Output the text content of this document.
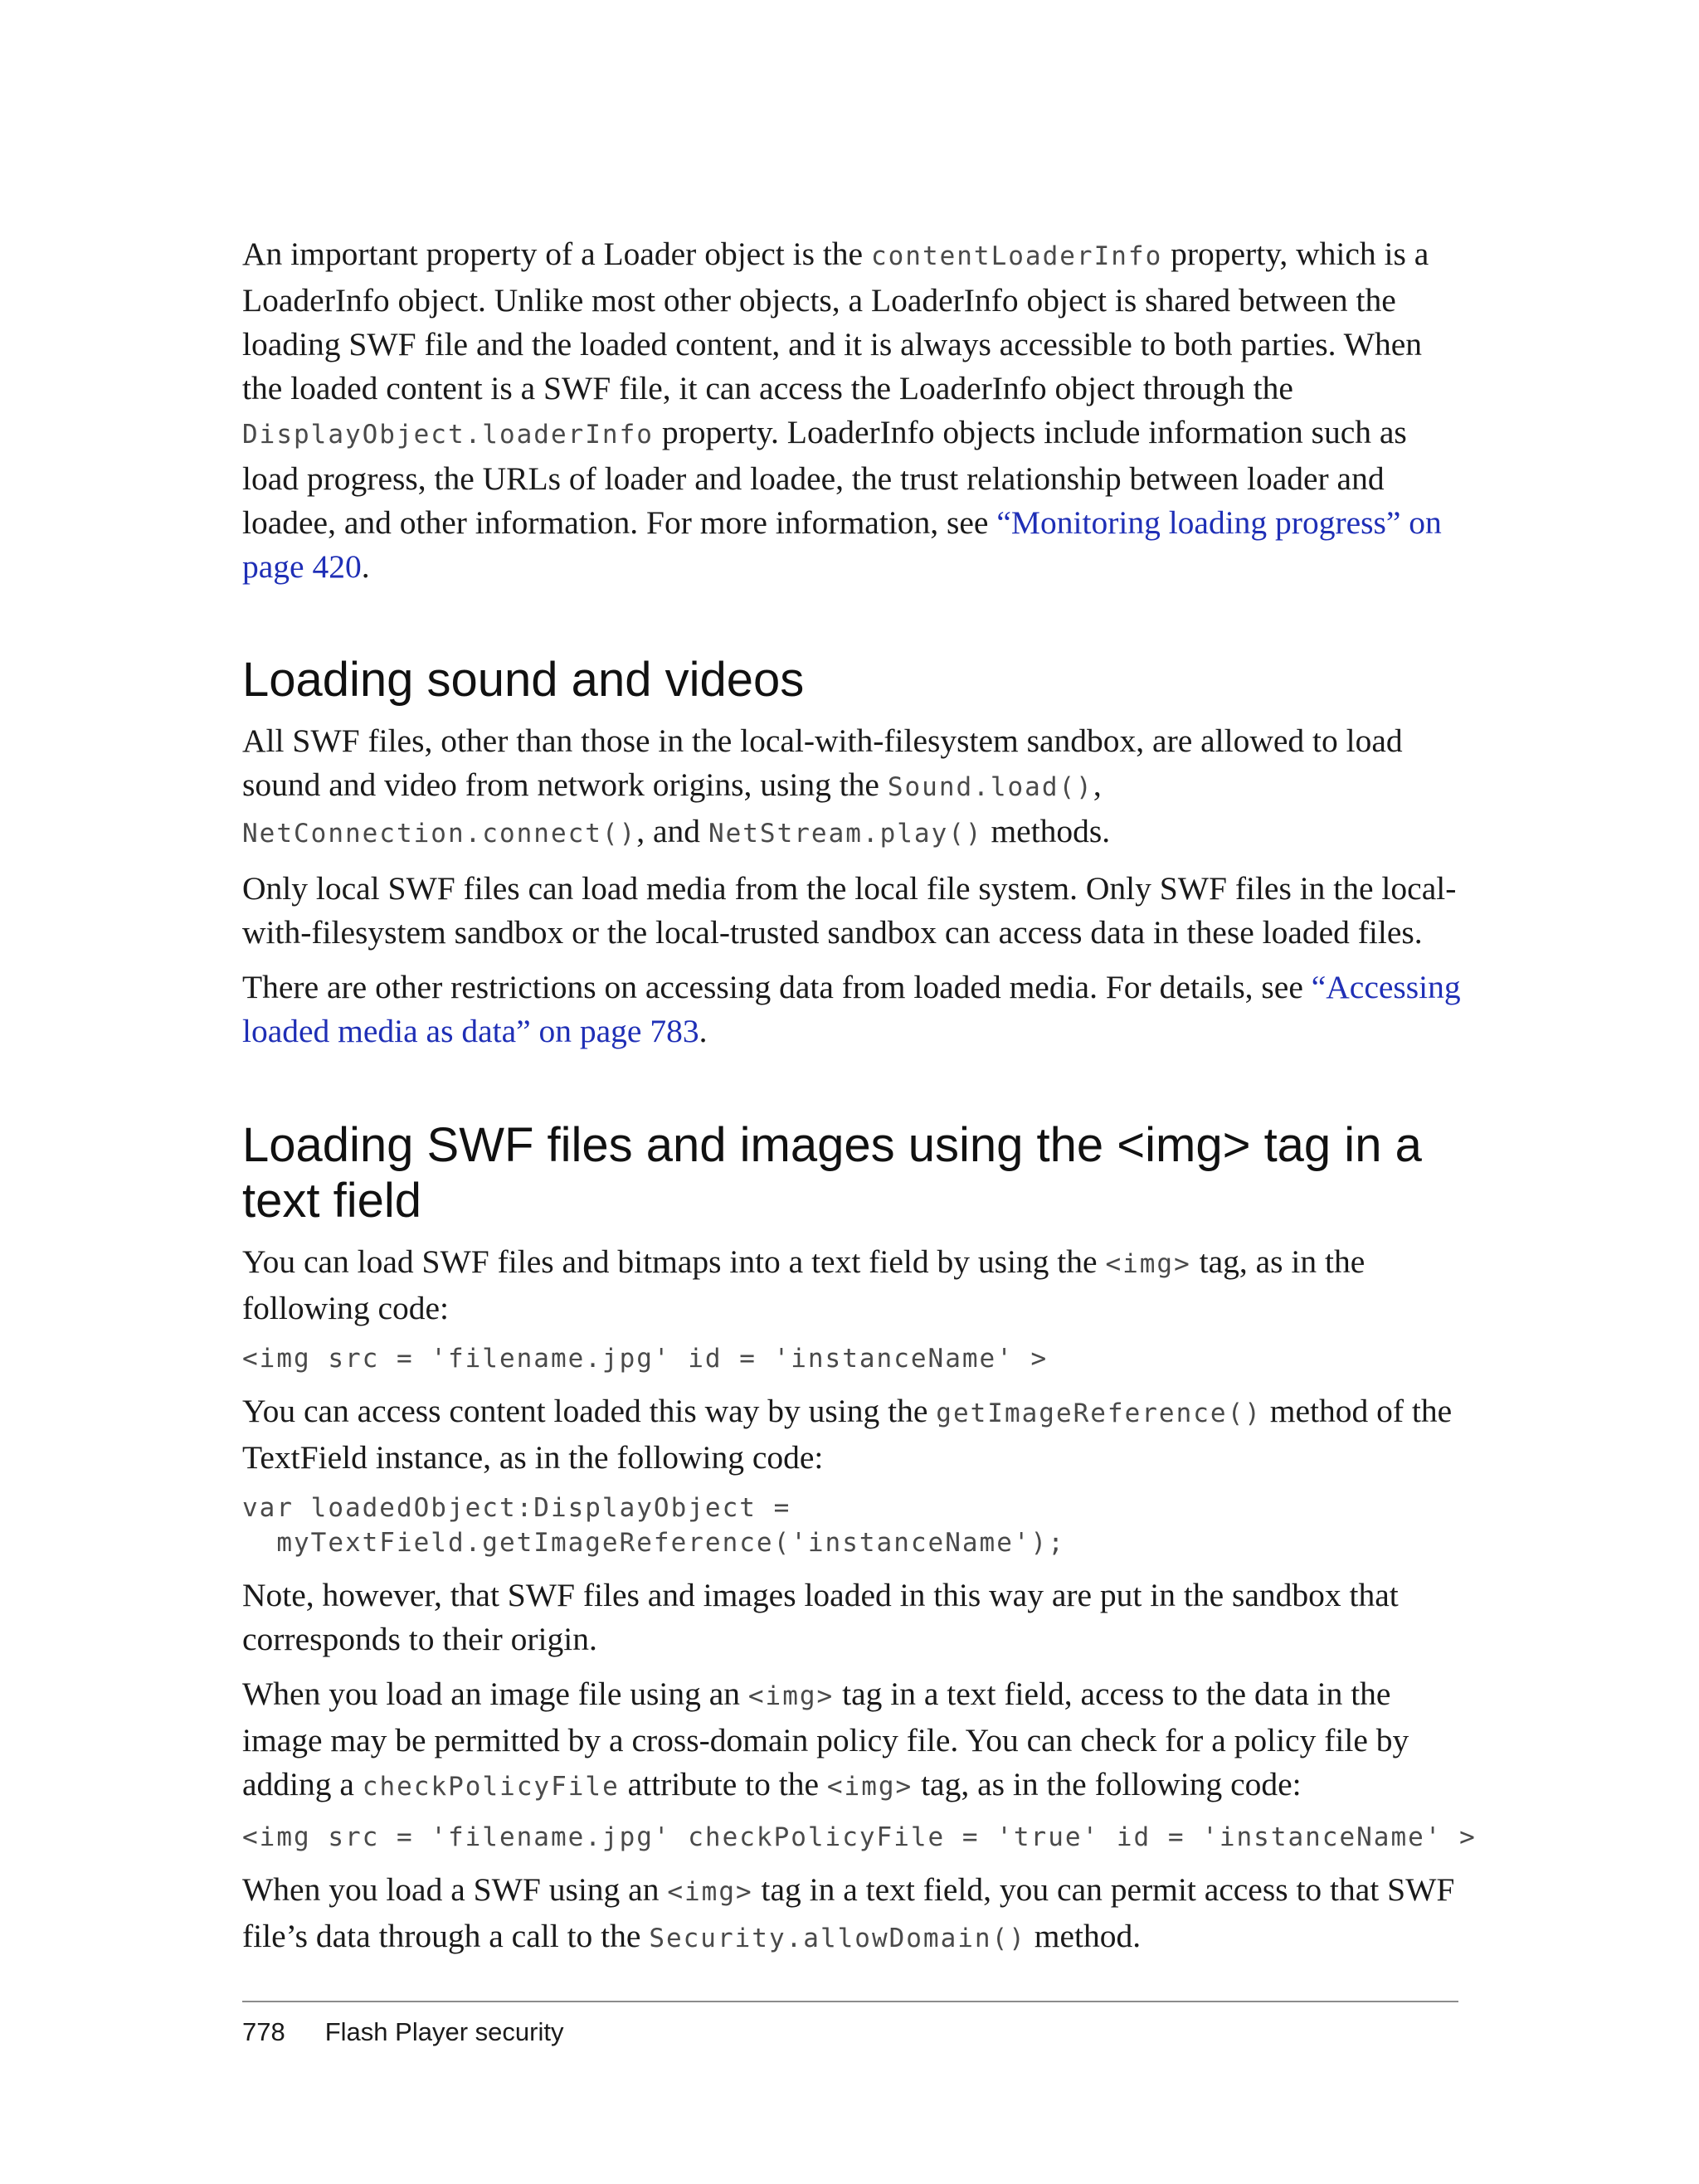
An important property of a Loader object is the contentLoaderInfo property, which is a LoaderInfo object. Unlike most other objects, a LoaderInfo object is shared between the loading SWF file and the loaded content, and it is always accessible to both parties. When the loaded content is a SWF file, it can access the LoaderInfo object through the DisplayObject.loaderInfo property. LoaderInfo objects include information such as load progress, the URLs of loader and loadee, the trust relationship between loader and loadee, and other information. For more information, see “Monitoring loading progress” on page 420.

Loading sound and videos

All SWF files, other than those in the local-with-filesystem sandbox, are allowed to load sound and video from network origins, using the Sound.load(), NetConnection.connect(), and NetStream.play() methods.

Only local SWF files can load media from the local file system. Only SWF files in the local-with-filesystem sandbox or the local-trusted sandbox can access data in these loaded files.

There are other restrictions on accessing data from loaded media. For details, see “Accessing loaded media as data” on page 783.

Loading SWF files and images using the <img> tag in a text field

You can load SWF files and bitmaps into a text field by using the <img> tag, as in the following code:

<img src = 'filename.jpg' id = 'instanceName' >

You can access content loaded this way by using the getImageReference() method of the TextField instance, as in the following code:

var loadedObject:DisplayObject =
myTextField.getImageReference('instanceName');

Note, however, that SWF files and images loaded in this way are put in the sandbox that corresponds to their origin.

When you load an image file using an <img> tag in a text field, access to the data in the image may be permitted by a cross-domain policy file. You can check for a policy file by adding a checkPolicyFile attribute to the <img> tag, as in the following code:

<img src = 'filename.jpg' checkPolicyFile = 'true' id = 'instanceName' >

When you load a SWF using an <img> tag in a text field, you can permit access to that SWF file’s data through a call to the Security.allowDomain() method.

778 Flash Player security
